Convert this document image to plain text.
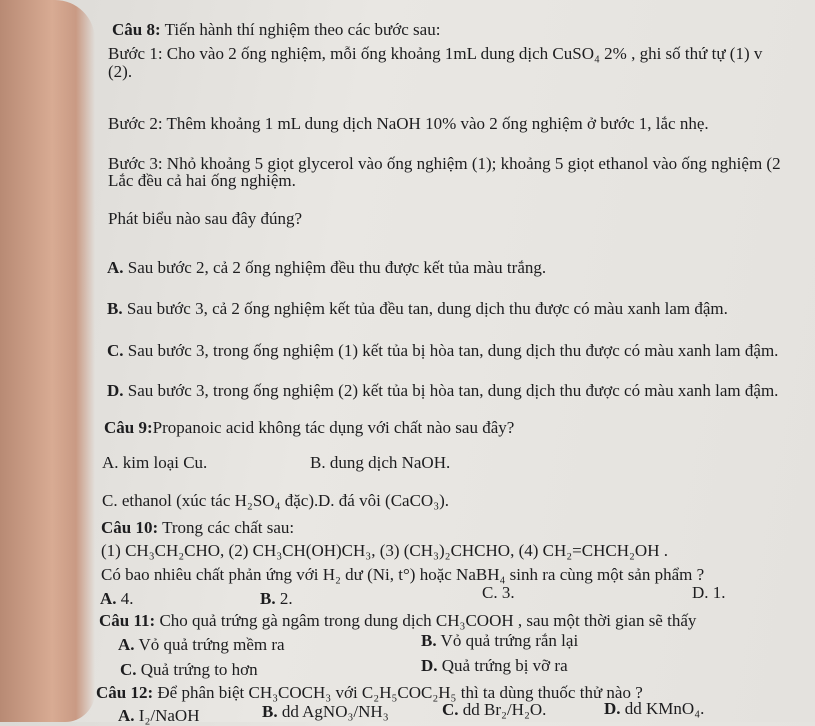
Câu 8: Tiến hành thí nghiệm theo các bước sau:
Bước 1: Cho vào 2 ống nghiệm, mỗi ống khoảng 1mL dung dịch CuSO₄ 2% , ghi số thứ tự (1) v
(2).
Bước 2: Thêm khoảng 1 mL dung dịch NaOH 10% vào 2 ống nghiệm ở bước 1, lắc nhẹ.
Bước 3: Nhỏ khoảng 5 giọt glycerol vào ống nghiệm (1); khoảng 5 giọt ethanol vào ống nghiệm (2
Lắc đều cả hai ống nghiệm.
Phát biểu nào sau đây đúng?
A. Sau bước 2, cả 2 ống nghiệm đều thu được kết tủa màu trắng.
B. Sau bước 3, cả 2 ống nghiệm kết tủa đều tan, dung dịch thu được có màu xanh lam đậm.
C. Sau bước 3, trong ống nghiệm (1) kết tủa bị hòa tan, dung dịch thu được có màu xanh lam đậm.
D. Sau bước 3, trong ống nghiệm (2) kết tủa bị hòa tan, dung dịch thu được có màu xanh lam đậm.
Câu 9:Propanoic acid không tác dụng với chất nào sau đây?
A. kim loại Cu.	B. dung dịch NaOH.
C. ethanol (xúc tác H₂SO₄ đặc). D. đá vôi (CaCO₃).
Câu 10: Trong các chất sau:
(1) CH₃CH₂CHO, (2) CH₃CH(OH)CH₃, (3) (CH₃)₂CHCHO, (4) CH₂=CHCH₂OH .
Có bao nhiêu chất phản ứng với H₂ dư (Ni, t°) hoặc NaBH₄ sinh ra cùng một sản phẩm ?
A. 4.	B. 2.	C. 3.	D. 1.
Câu 11: Cho quả trứng gà ngâm trong dung dịch CH₃COOH , sau một thời gian sẽ thấy
A. Vỏ quả trứng mềm ra	B. Vỏ quả trứng rắn lại
C. Quả trứng to hơn	D. Quả trứng bị vỡ ra
Câu 12: Để phân biệt CH₃COCH₃ với C₂H₅COC₂H₅ thì ta dùng thuốc thử nào ?
A. I₂/NaOH	B. dd AgNO₃/NH₃	C. dd Br₂/H₂O.	D. dd KMnO₄.
